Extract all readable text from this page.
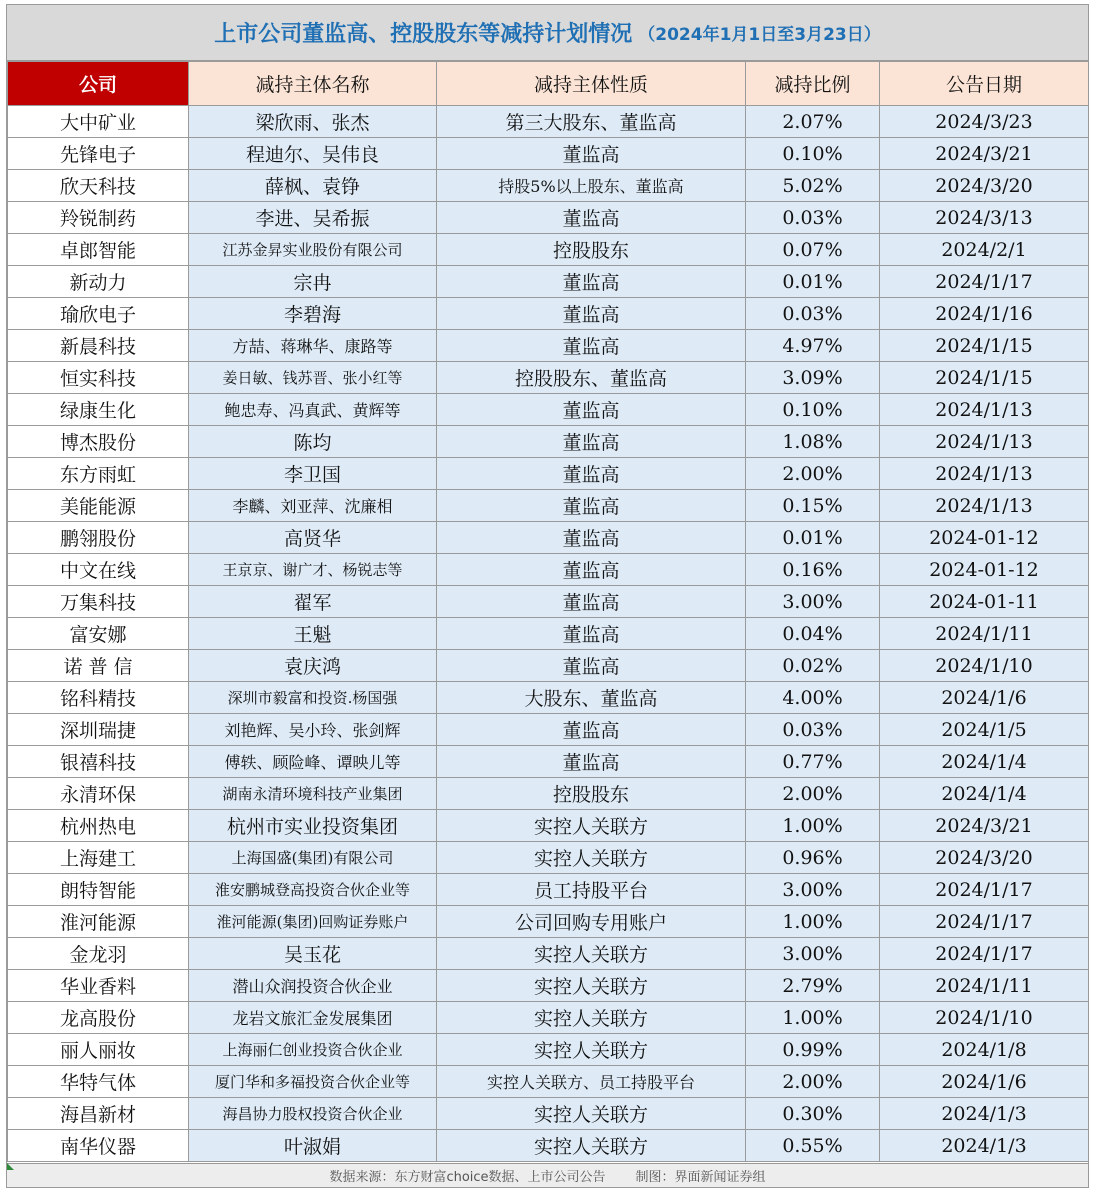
上市公司董监高、控股股东等减持计划情况 （2024年1月1日至3月23日）
公司	减持主体名称	减持主体性质	减持比例	公告日期
大中矿业	梁欣雨、张杰	第三大股东、董监高	2.07%	2024/3/23
先锋电子	程迪尔、吴伟良	董监高	0.10%	2024/3/21
欣天科技	薛枫、袁铮	持股5%以上股东、董监高	5.02%	2024/3/20
羚锐制药	李进、吴希振	董监高	0.03%	2024/3/13
卓郎智能	江苏金昇实业股份有限公司	控股股东	0.07%	2024/2/1
新动力	宗冉	董监高	0.01%	2024/1/17
瑜欣电子	李碧海	董监高	0.03%	2024/1/16
新晨科技	方喆、蒋琳华、康路等	董监高	4.97%	2024/1/15
恒实科技	姜日敏、钱苏晋、张小红等	控股股东、董监高	3.09%	2024/1/15
绿康生化	鲍忠寿、冯真武、黄辉等	董监高	0.10%	2024/1/13
博杰股份	陈均	董监高	1.08%	2024/1/13
东方雨虹	李卫国	董监高	2.00%	2024/1/13
美能能源	李麟、刘亚萍、沈廉相	董监高	0.15%	2024/1/13
鹏翎股份	高贤华	董监高	0.01%	2024-01-12
中文在线	王京京、谢广才、杨锐志等	董监高	0.16%	2024-01-12
万集科技	翟军	董监高	3.00%	2024-01-11
富安娜	王魁	董监高	0.04%	2024/1/11
诺 普 信	袁庆鸿	董监高	0.02%	2024/1/10
铭科精技	深圳市毅富和投资.杨国强	大股东、董监高	4.00%	2024/1/6
深圳瑞捷	刘艳辉、吴小玲、张剑辉	董监高	0.03%	2024/1/5
银禧科技	傅轶、顾险峰、谭映儿等	董监高	0.77%	2024/1/4
永清环保	湖南永清环境科技产业集团	控股股东	2.00%	2024/1/4
杭州热电	杭州市实业投资集团	实控人关联方	1.00%	2024/3/21
上海建工	上海国盛(集团)有限公司	实控人关联方	0.96%	2024/3/20
朗特智能	淮安鹏城登高投资合伙企业等	员工持股平台	3.00%	2024/1/17
淮河能源	淮河能源(集团)回购证券账户	公司回购专用账户	1.00%	2024/1/17
金龙羽	吴玉花	实控人关联方	3.00%	2024/1/17
华业香料	潜山众润投资合伙企业	实控人关联方	2.79%	2024/1/11
龙高股份	龙岩文旅汇金发展集团	实控人关联方	1.00%	2024/1/10
丽人丽妆	上海丽仁创业投资合伙企业	实控人关联方	0.99%	2024/1/8
华特气体	厦门华和多福投资合伙企业等	实控人关联方、员工持股平台	2.00%	2024/1/6
海昌新材	海昌协力股权投资合伙企业	实控人关联方	0.30%	2024/1/3
南华仪器	叶淑娟	实控人关联方	0.55%	2024/1/3
数据来源：东方财富choice数据、上市公司公告 制图：界面新闻证券组
